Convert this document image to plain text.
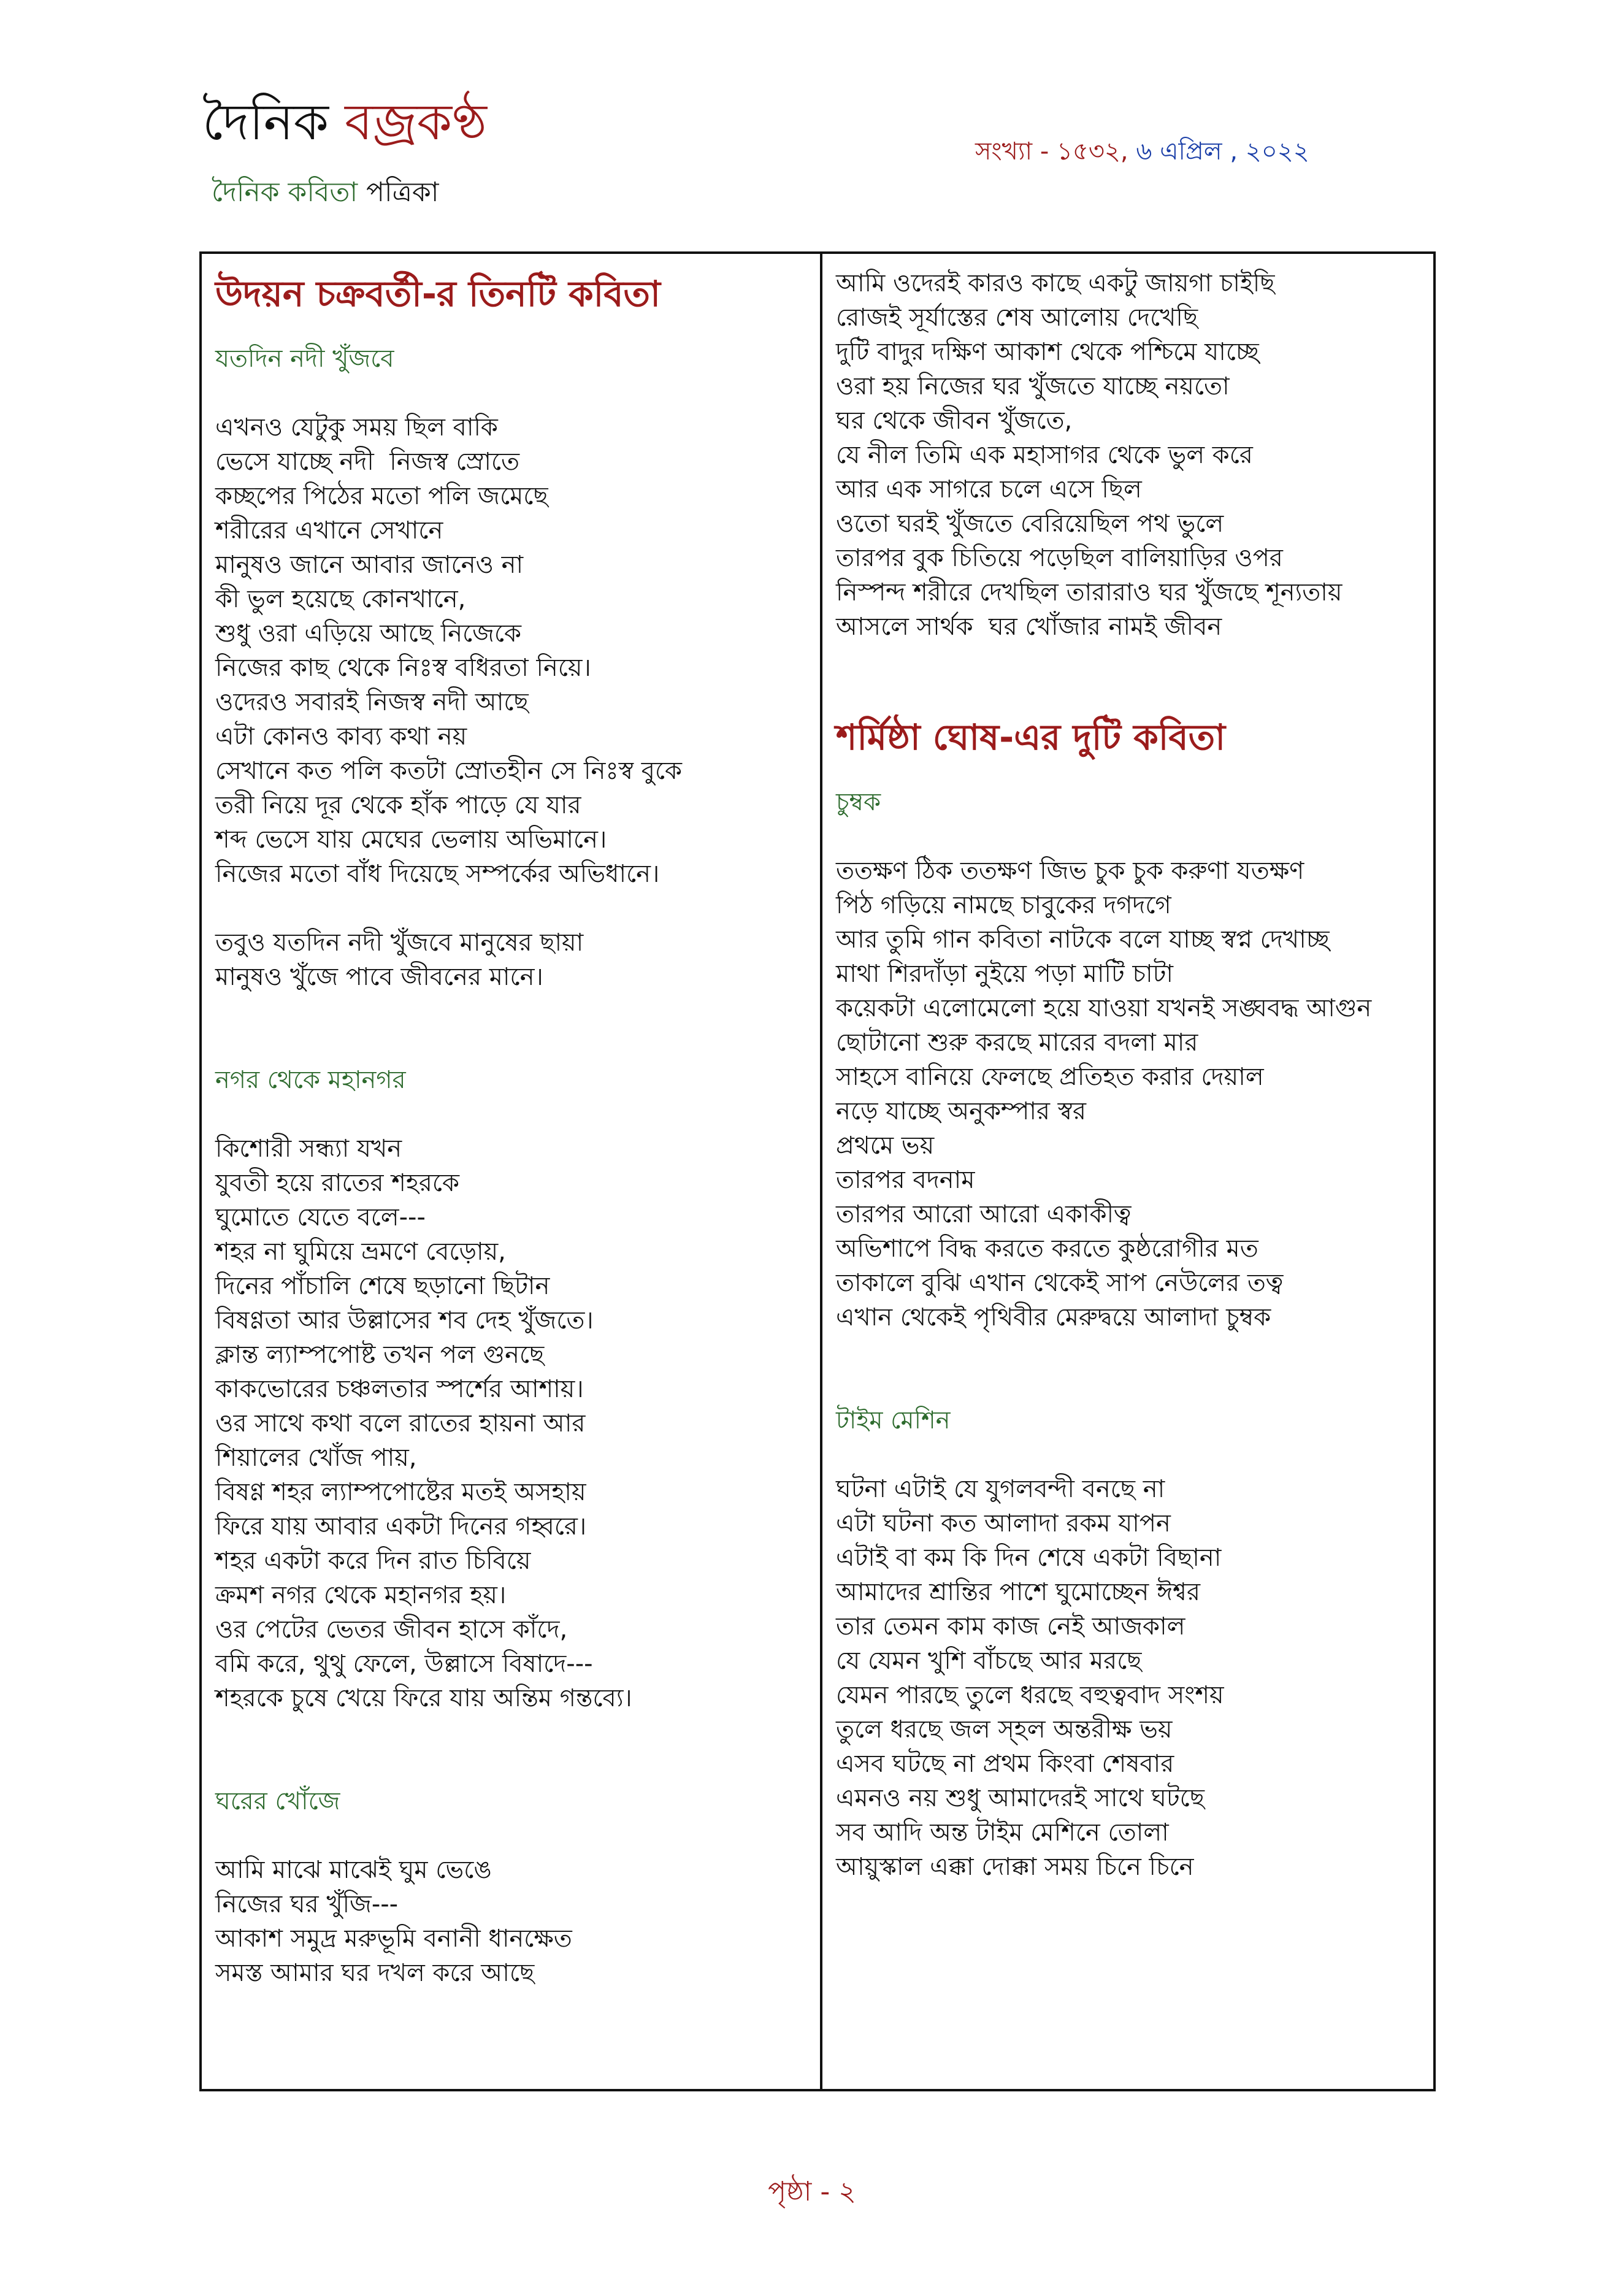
দৈনিক বজ্রকণ্ঠ
দৈনিক কবিতা পত্রিকা
সংখ্যা - ১৫৩২, ৬ এপ্রিল , ২০২২
উদয়ন চক্রবর্তী-র তিনটি কবিতা
যতদিন নদী খুঁজবে
এখনও যেটুকু সময় ছিল বাকি
ভেসে যাচ্ছে নদী  নিজস্ব স্রোতে
কচ্ছপের পিঠের মতো পলি জমেছে
শরীরের এখানে সেখানে
মানুষও জানে আবার জানেও না
কী ভুল হয়েছে কোনখানে,
শুধু ওরা এড়িয়ে আছে নিজেকে
নিজের কাছ থেকে নিঃস্ব বধিরতা নিয়ে।
ওদেরও সবারই নিজস্ব নদী আছে
এটা কোনও কাব্য কথা নয়
সেখানে কত পলি কতটা স্রোতহীন সে নিঃস্ব বুকে
তরী নিয়ে দূর থেকে হাঁক পাড়ে যে যার
শব্দ ভেসে যায় মেঘের ভেলায় অভিমানে।
নিজের মতো বাঁধ দিয়েছে সম্পর্কের অভিধানে।
তবুও যতদিন নদী খুঁজবে মানুষের ছায়া
মানুষও খুঁজে পাবে জীবনের মানে।
নগর থেকে মহানগর
কিশোরী সন্ধ্যা যখন
যুবতী হয়ে রাতের শহরকে
ঘুমোতে যেতে বলে---
শহর না ঘুমিয়ে ভ্রমণে বেড়োয়,
দিনের পাঁচালি শেষে ছড়ানো ছিটান
বিষণ্ণতা আর উল্লাসের শব দেহ খুঁজতে।
ক্লান্ত ল্যাম্পপোষ্ট তখন পল গুনছে
কাকভোরের চঞ্চলতার স্পর্শের আশায়।
ওর সাথে কথা বলে রাতের হায়না আর
শিয়ালের খোঁজ পায়,
বিষণ্ণ শহর ল্যাম্পপোষ্টের মতই অসহায়
ফিরে যায় আবার একটা দিনের গহ্বরে।
শহর একটা করে দিন রাত চিবিয়ে
ক্রমশ নগর থেকে মহানগর হয়।
ওর পেটের ভেতর জীবন হাসে কাঁদে,
বমি করে, থুথু ফেলে, উল্লাসে বিষাদে---
শহরকে চুষে খেয়ে ফিরে যায় অন্তিম গন্তব্যে।
ঘরের খোঁজে
আমি মাঝে মাঝেই ঘুম ভেঙে
নিজের ঘর খুঁজি---
আকাশ সমুদ্র মরুভূমি বনানী ধানক্ষেত
সমস্ত আমার ঘর দখল করে আছে
আমি ওদেরই কারও কাছে একটু জায়গা চাইছি
রোজই সূর্যাস্তের শেষ আলোয় দেখেছি
দুটি বাদুর দক্ষিণ আকাশ থেকে পশ্চিমে যাচ্ছে
ওরা হয় নিজের ঘর খুঁজতে যাচ্ছে নয়তো
ঘর থেকে জীবন খুঁজতে,
যে নীল তিমি এক মহাসাগর থেকে ভুল করে
আর এক সাগরে চলে এসে ছিল
ওতো ঘরই খুঁজতে বেরিয়েছিল পথ ভুলে
তারপর বুক চিতিয়ে পড়েছিল বালিয়াড়ির ওপর
নিস্পন্দ শরীরে দেখছিল তারারাও ঘর খুঁজছে শূন্যতায়
আসলে সার্থক  ঘর খোঁজার নামই জীবন
শর্মিষ্ঠা ঘোষ-এর দুটি কবিতা
চুম্বক
ততক্ষণ ঠিক ততক্ষণ জিভ চুক চুক করুণা যতক্ষণ
পিঠ গড়িয়ে নামছে চাবুকের দগদগে
আর তুমি গান কবিতা নাটকে বলে যাচ্ছ স্বপ্ন দেখাচ্ছ
মাথা শিরদাঁড়া নুইয়ে পড়া মাটি চাটা
কয়েকটা এলোমেলো হয়ে যাওয়া যখনই সঙ্ঘবদ্ধ আগুন
ছোটানো শুরু করছে মারের বদলা মার
সাহসে বানিয়ে ফেলছে প্রতিহত করার দেয়াল
নড়ে যাচ্ছে অনুকম্পার স্বর
প্রথমে ভয়
তারপর বদনাম
তারপর আরো আরো একাকীত্ব
অভিশাপে বিদ্ধ করতে করতে কুষ্ঠরোগীর মত
তাকালে বুঝি এখান থেকেই সাপ নেউলের তত্ব
এখান থেকেই পৃথিবীর মেরুদ্বয়ে আলাদা চুম্বক
টাইম মেশিন
ঘটনা এটাই যে যুগলবন্দী বনছে না
এটা ঘটনা কত আলাদা রকম যাপন
এটাই বা কম কি দিন শেষে একটা বিছানা
আমাদের শ্রান্তির পাশে ঘুমোচ্ছেন ঈশ্বর
তার তেমন কাম কাজ নেই আজকাল
যে যেমন খুশি বাঁচছে আর মরছে
যেমন পারছে তুলে ধরছে বহুত্ববাদ সংশয়
তুলে ধরছে জল স্হল অন্তরীক্ষ ভয়
এসব ঘটছে না প্রথম কিংবা শেষবার
এমনও নয় শুধু আমাদেরই সাথে ঘটছে
সব আদি অন্ত টাইম মেশিনে তোলা
আয়ুস্কাল এক্কা দোক্কা সময় চিনে চিনে
পৃষ্ঠা - ২
